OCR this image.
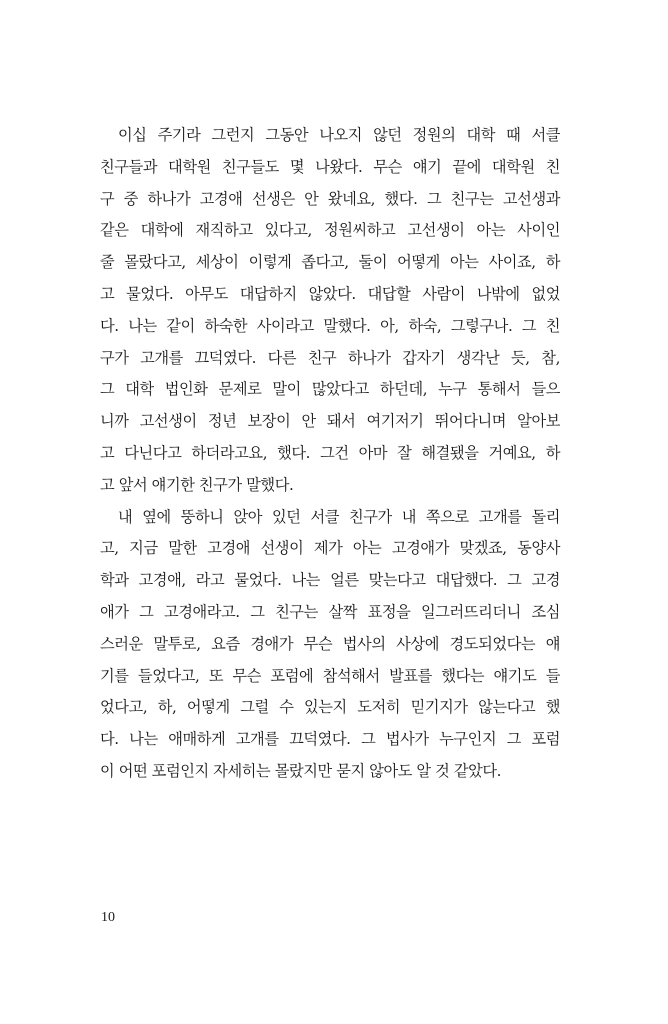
이십 주기라 그런지 그동안 나오지 않던 정원의 대학 때 서클
친구들과 대학원 친구들도 몇 나왔다. 무슨 얘기 끝에 대학원 친
구 중 하나가 고경애 선생은 안 왔네요, 했다. 그 친구는 고선생과
같은 대학에 재직하고 있다고, 정원씨하고 고선생이 아는 사이인
줄 몰랐다고, 세상이 이렇게 좁다고, 둘이 어떻게 아는 사이죠, 하
고 물었다. 아무도 대답하지 않았다. 대답할 사람이 나밖에 없었
다. 나는 같이 하숙한 사이라고 말했다. 아, 하숙, 그렇구나. 그 친
구가 고개를 끄덕였다. 다른 친구 하나가 갑자기 생각난 듯, 참,
그 대학 법인화 문제로 말이 많았다고 하던데, 누구 통해서 들으
니까 고선생이 정년 보장이 안 돼서 여기저기 뛰어다니며 알아보
고 다닌다고 하더라고요, 했다. 그건 아마 잘 해결됐을 거예요, 하
고 앞서 얘기한 친구가 말했다.
내 옆에 뚱하니 앉아 있던 서클 친구가 내 쪽으로 고개를 돌리
고, 지금 말한 고경애 선생이 제가 아는 고경애가 맞겠죠, 동양사
학과 고경애, 라고 물었다. 나는 얼른 맞는다고 대답했다. 그 고경
애가 그 고경애라고. 그 친구는 살짝 표정을 일그러뜨리더니 조심
스러운 말투로, 요즘 경애가 무슨 법사의 사상에 경도되었다는 얘
기를 들었다고, 또 무슨 포럼에 참석해서 발표를 했다는 얘기도 들
었다고, 하, 어떻게 그럴 수 있는지 도저히 믿기지가 않는다고 했
다. 나는 애매하게 고개를 끄덕였다. 그 법사가 누구인지 그 포럼
이 어떤 포럼인지 자세히는 몰랐지만 묻지 않아도 알 것 같았다.
10
